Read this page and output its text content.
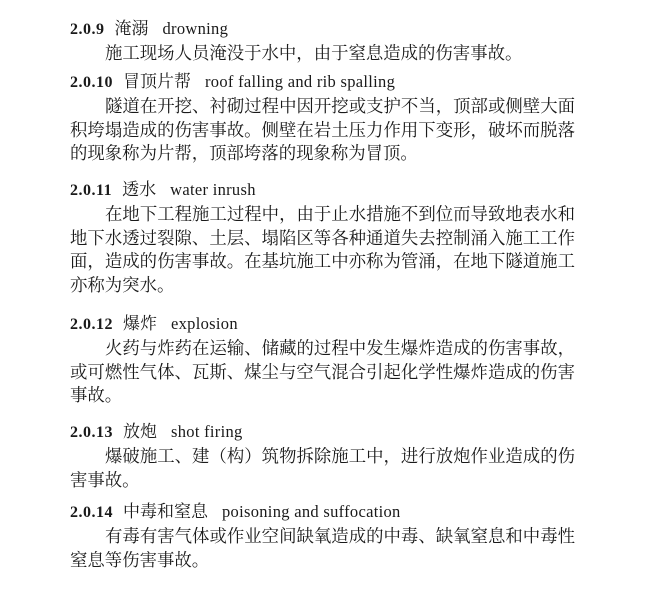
2.0.9 淹溺 drowning

施工现场人员淹没于水中，由于窒息造成的伤害事故。

2.0.10 冒顶片帮 roof falling and rib spalling

隧道在开挖、衬砌过程中因开挖或支护不当，顶部或侧壁大面积垮塌造成的伤害事故。侧壁在岩土压力作用下变形，破坏而脱落的现象称为片帮，顶部垮落的现象称为冒顶。

2.0.11 透水 water inrush

在地下工程施工过程中，由于止水措施不到位而导致地表水和地下水透过裂隙、土层、塌陷区等各种通道失去控制涌入施工工作面，造成的伤害事故。在基坑施工中亦称为管涌，在地下隧道施工亦称为突水。

2.0.12 爆炸 explosion

火药与炸药在运输、储藏的过程中发生爆炸造成的伤害事故，或可燃性气体、瓦斯、煤尘与空气混合引起化学性爆炸造成的伤害事故。

2.0.13 放炮 shot firing

爆破施工、建（构）筑物拆除施工中，进行放炮作业造成的伤害事故。

2.0.14 中毒和窒息 poisoning and suffocation

有毒有害气体或作业空间缺氧造成的中毒、缺氧窒息和中毒性窒息等伤害事故。
